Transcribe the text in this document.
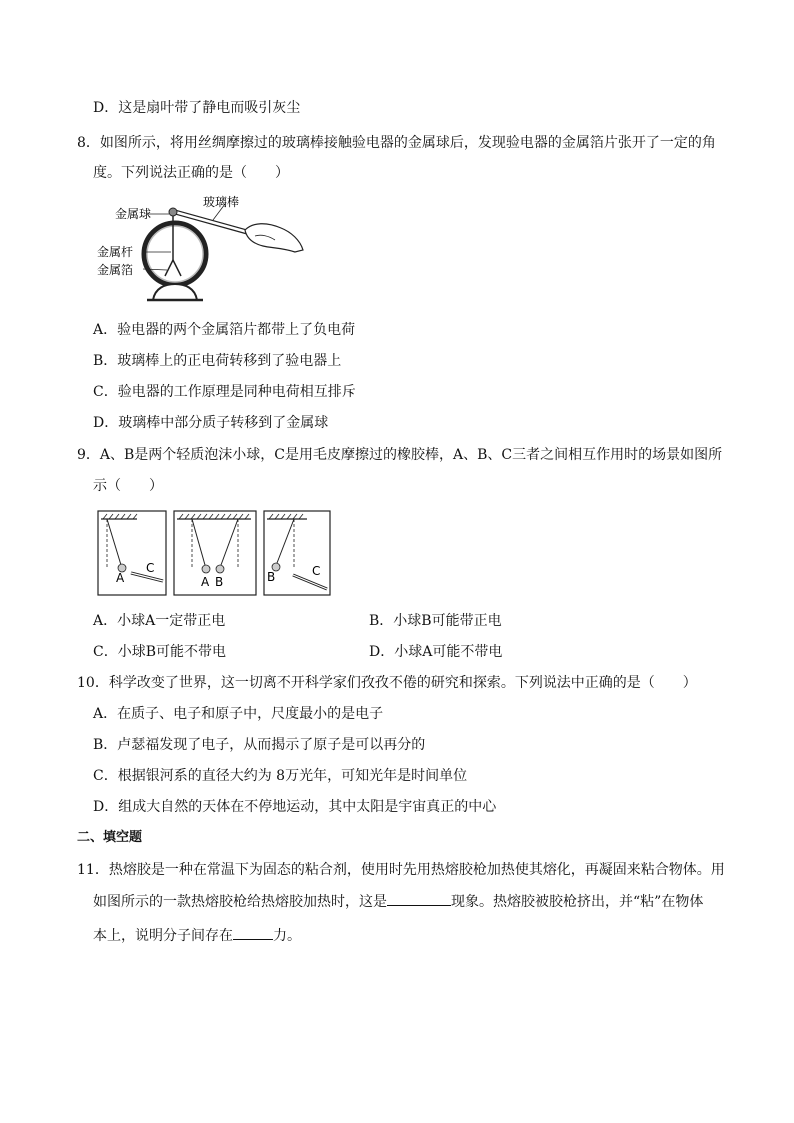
D．这是扇叶带了静电而吸引灰尘
8．如图所示，将用丝绸摩擦过的玻璃棒接触验电器的金属球后，发现验电器的金属箔片张开了一定的角
度。下列说法正确的是（　　）
金属球
玻璃棒
金属杆
金属箔
A．验电器的两个金属箔片都带上了负电荷
B．玻璃棒上的正电荷转移到了验电器上
C．验电器的工作原理是同种电荷相互排斥
D．玻璃棒中部分质子转移到了金属球
9．A、B是两个轻质泡沫小球，C是用毛皮摩擦过的橡胶棒，A、B、C三者之间相互作用时的场景如图所
示（　　）
A
C
A B	B	C
A．小球A一定带正电	B．小球B可能带正电
C．小球B可能不带电	D．小球A可能不带电
10．科学改变了世界，这一切离不开科学家们孜孜不倦的研究和探索。下列说法中正确的是（　　）
A．在质子、电子和原子中，尺度最小的是电子
B．卢瑟福发现了电子，从而揭示了原子是可以再分的
C．根据银河系的直径大约为 8万光年，可知光年是时间单位
D．组成大自然的天体在不停地运动，其中太阳是宇宙真正的中心
二、填空题
11．热熔胶是一种在常温下为固态的粘合剂，使用时先用热熔胶枪加热使其熔化，再凝固来粘合物体。用
如图所示的一款热熔胶枪给热熔胶加热时，这是	现象。热熔胶被胶枪挤出，并“粘”在物体
本上，说明分子间存在	力。
